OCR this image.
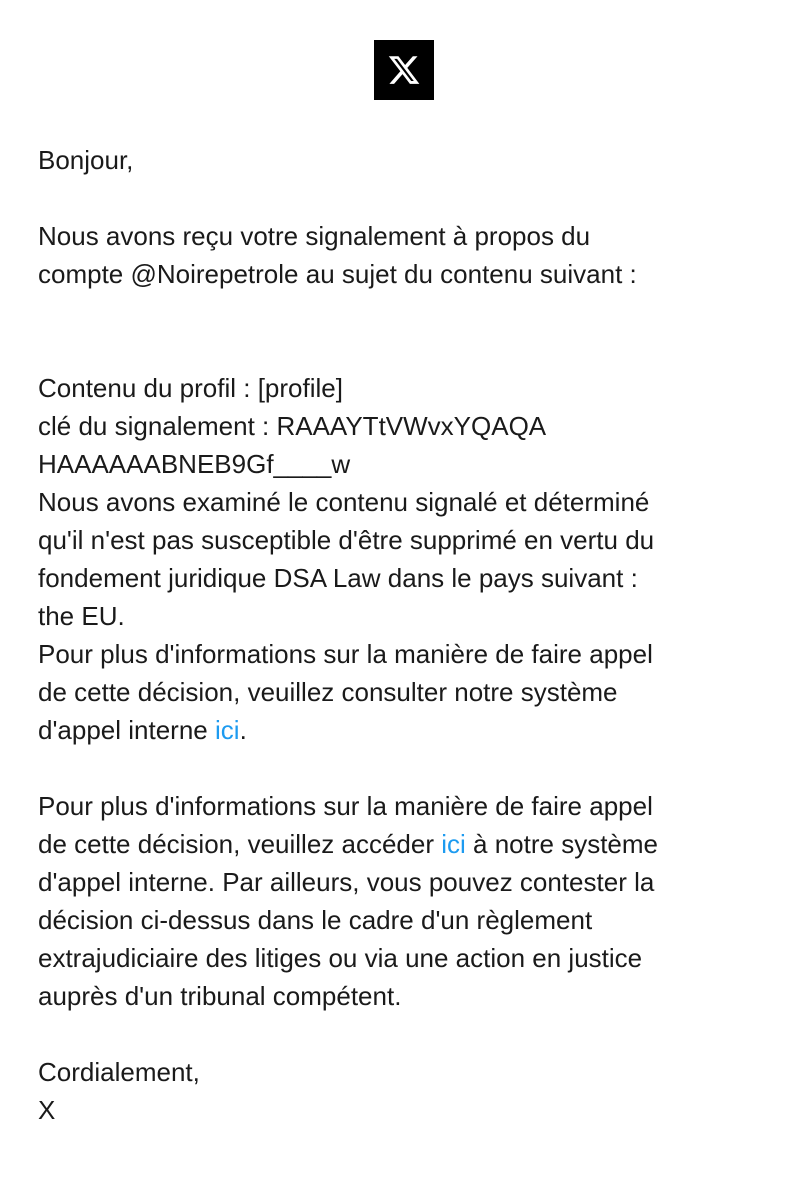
Bonjour,

Nous avons reçu votre signalement à propos du

compte @Noirepetrole au sujet du contenu suivant :

Contenu du profil : [profile]

clé du signalement : RAAAYTtVWvxYQAQA

HAAAAAABNEB9Gf____w

Nous avons examiné le contenu signalé et déterminé

qu'il n'est pas susceptible d'être supprimé en vertu du

fondement juridique DSA Law dans le pays suivant :

the EU.

Pour plus d'informations sur la manière de faire appel

de cette décision, veuillez consulter notre système

d'appel interne ici.

Pour plus d'informations sur la manière de faire appel

de cette décision, veuillez accéder ici à notre système

d'appel interne. Par ailleurs, vous pouvez contester la

décision ci-dessus dans le cadre d'un règlement

extrajudiciaire des litiges ou via une action en justice

auprès d'un tribunal compétent.

Cordialement,

X
